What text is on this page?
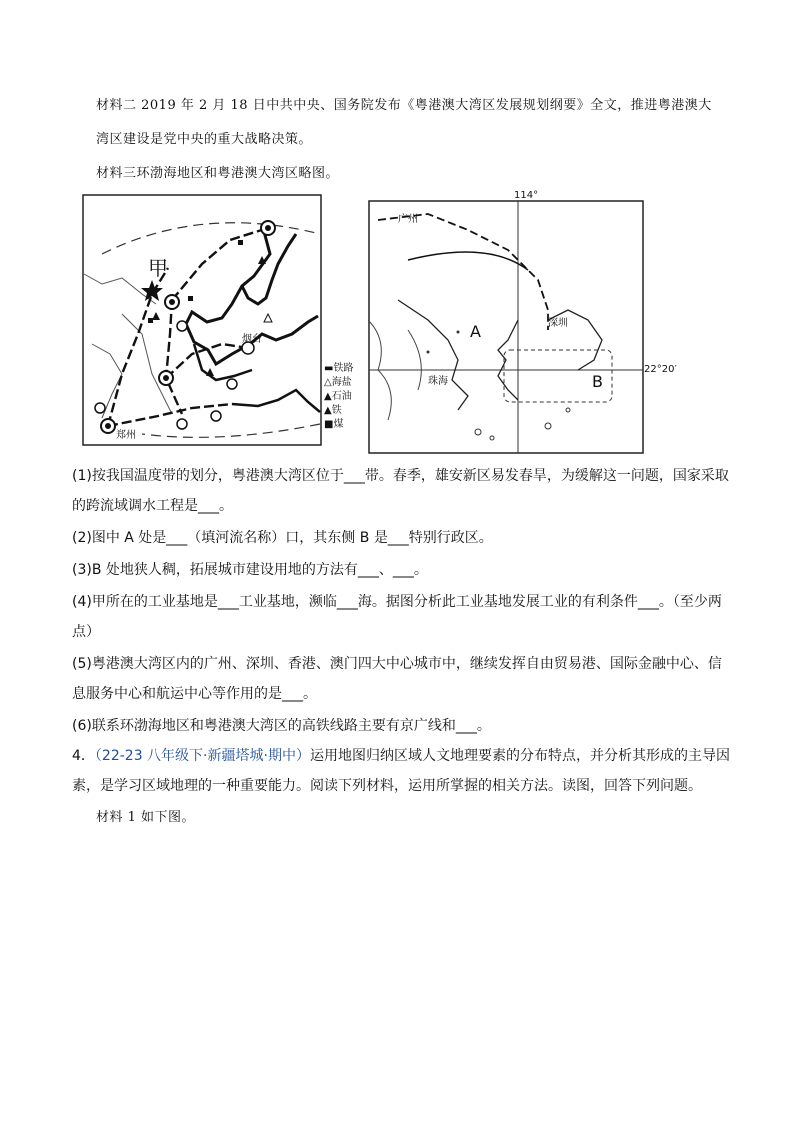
材料二 2019 年 2 月 18 日中共中央、国务院发布《粤港澳大湾区发展规划纲要》全文，推进粤港澳大
湾区建设是党中央的重大战略决策。
材料三环渤海地区和粤港澳大湾区略图。
甲
烟台
郑州
▬铁路
△海盐
▲石油
▲铁
■煤
114°
22°20′
广州
深圳
珠海
A
B
(1)按我国温度带的划分，粤港澳大湾区位于___带。春季，雄安新区易发春旱，为缓解这一问题，国家采取
的跨流域调水工程是___。
(2)图中 A 处是___（填河流名称）口，其东侧 B 是___特别行政区。
(3)B 处地狭人稠，拓展城市建设用地的方法有___、___。
(4)甲所在的工业基地是___工业基地，濒临___海。据图分析此工业基地发展工业的有利条件___。（至少两
点）
(5)粤港澳大湾区内的广州、深圳、香港、澳门四大中心城市中，继续发挥自由贸易港、国际金融中心、信
息服务中心和航运中心等作用的是___。
(6)联系环渤海地区和粤港澳大湾区的高铁线路主要有京广线和___。
4．（22-23 八年级下·新疆塔城·期中）运用地图归纳区域人文地理要素的分布特点，并分析其形成的主导因
素，是学习区域地理的一种重要能力。阅读下列材料，运用所掌握的相关方法。读图，回答下列问题。
材料 1 如下图。
